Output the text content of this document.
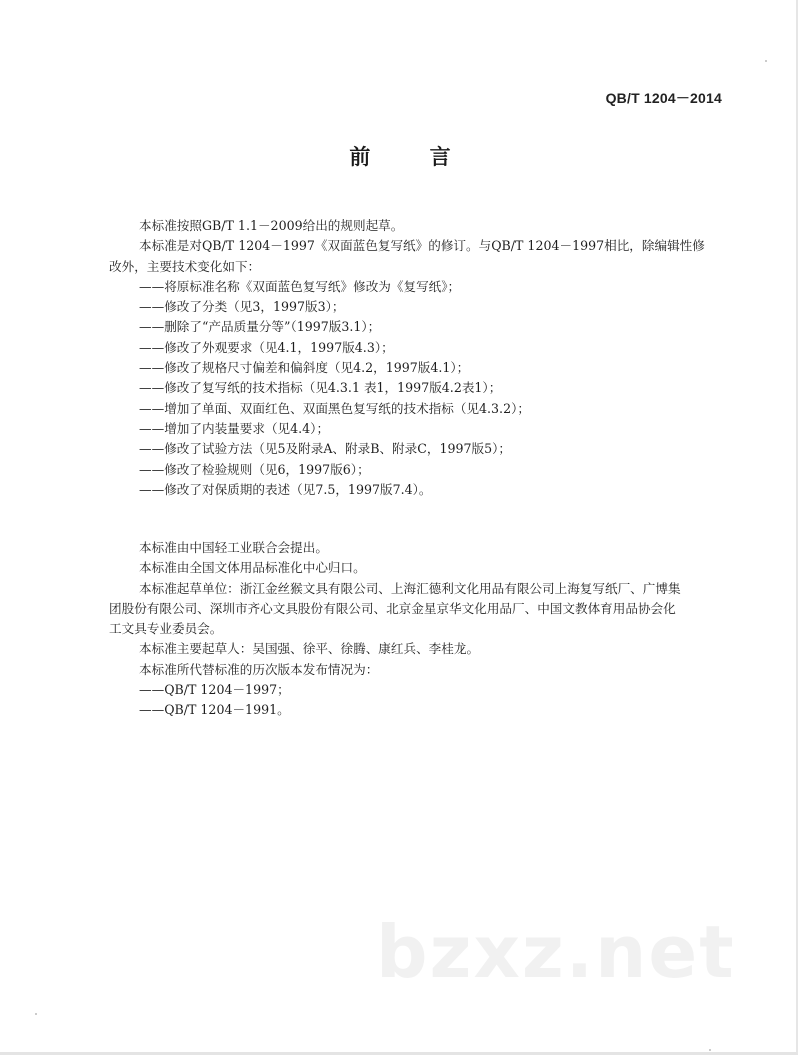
QB/T 1204－2014
前 言

本标准按照GB/T 1.1－2009给出的规则起草。

本标准是对QB/T 1204－1997《双面蓝色复写纸》的修订。与QB/T 1204－1997相比，除编辑性修

改外，主要技术变化如下：

——将原标准名称《双面蓝色复写纸》修改为《复写纸》；

——修改了分类（见3，1997版3）；

——删除了“产品质量分等”（1997版3.1）；

——修改了外观要求（见4.1，1997版4.3）；

——修改了规格尺寸偏差和偏斜度（见4.2，1997版4.1）；

——修改了复写纸的技术指标（见4.3.1 表1，1997版4.2表1）；

——增加了单面、双面红色、双面黑色复写纸的技术指标（见4.3.2）；

——增加了内装量要求（见4.4）；

——修改了试验方法（见5及附录A、附录B、附录C，1997版5）；

——修改了检验规则（见6，1997版6）；

——修改了对保质期的表述（见7.5，1997版7.4）。

本标准由中国轻工业联合会提出。

本标准由全国文体用品标准化中心归口。

本标准起草单位：浙江金丝猴文具有限公司、上海汇德利文化用品有限公司上海复写纸厂、广博集

团股份有限公司、深圳市齐心文具股份有限公司、北京金星京华文化用品厂、中国文教体育用品协会化

工文具专业委员会。

本标准主要起草人：吴国强、徐平、徐腾、康红兵、李桂龙。

本标准所代替标准的历次版本发布情况为：

——QB/T 1204－1997；

——QB/T 1204－1991。

bzxz.net
